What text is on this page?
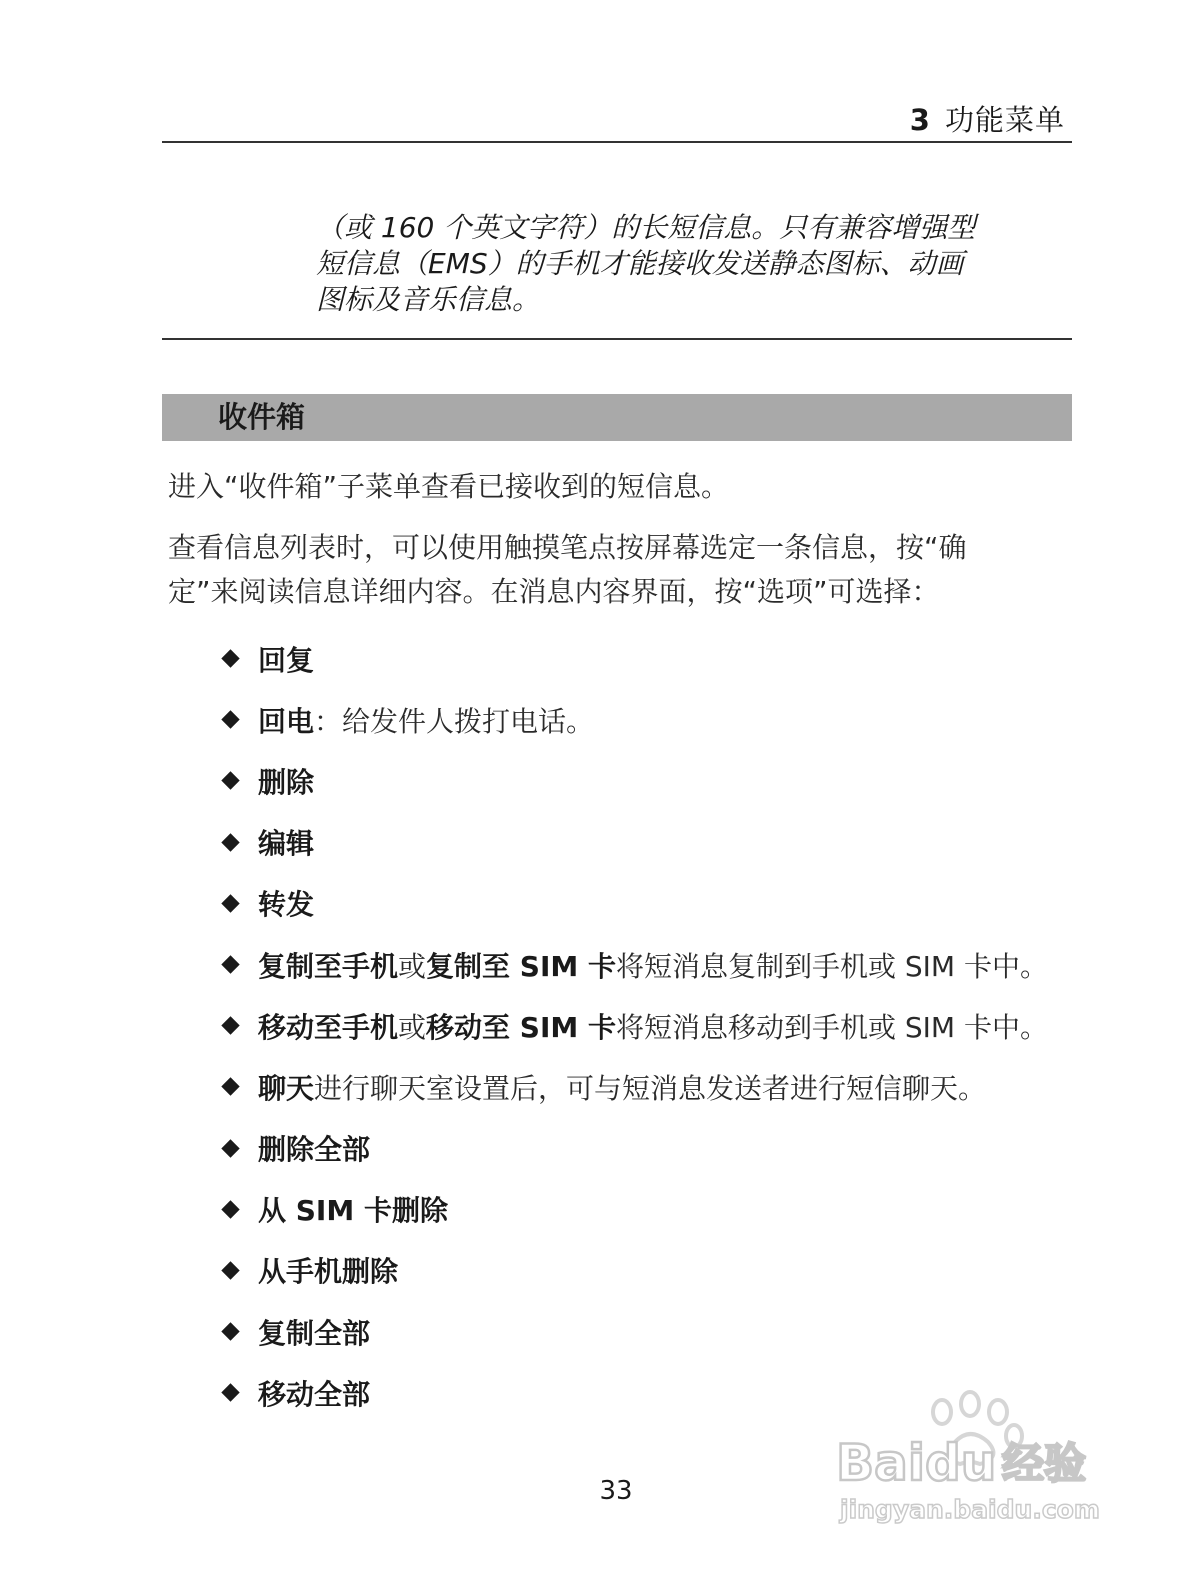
3 功能菜单

（或 160 个英文字符）的长短信息。只有兼容增强型

短信息（EMS）的手机才能接收发送静态图标、动画

图标及音乐信息。

收件箱

进入“收件箱”子菜单查看已接收到的短信息。

查看信息列表时，可以使用触摸笔点按屏幕选定一条信息，按“确

定”来阅读信息详细内容。在消息内容界面，按“选项”可选择：

回复
回电 ：给发件人拨打电话。
删除
编辑
转发
复制至手机 或 复制至 SIM 卡 将短消息复制到手机或 SIM 卡中。
移动至手机 或 移动至 SIM 卡 将短消息移动到手机或 SIM 卡中。
聊天 进行聊天室设置后，可与短消息发送者进行短信聊天。
删除全部
从 SIM 卡删除
从手机删除
复制全部
移动全部
33	Baidu 经验
jingyan.baidu.com
